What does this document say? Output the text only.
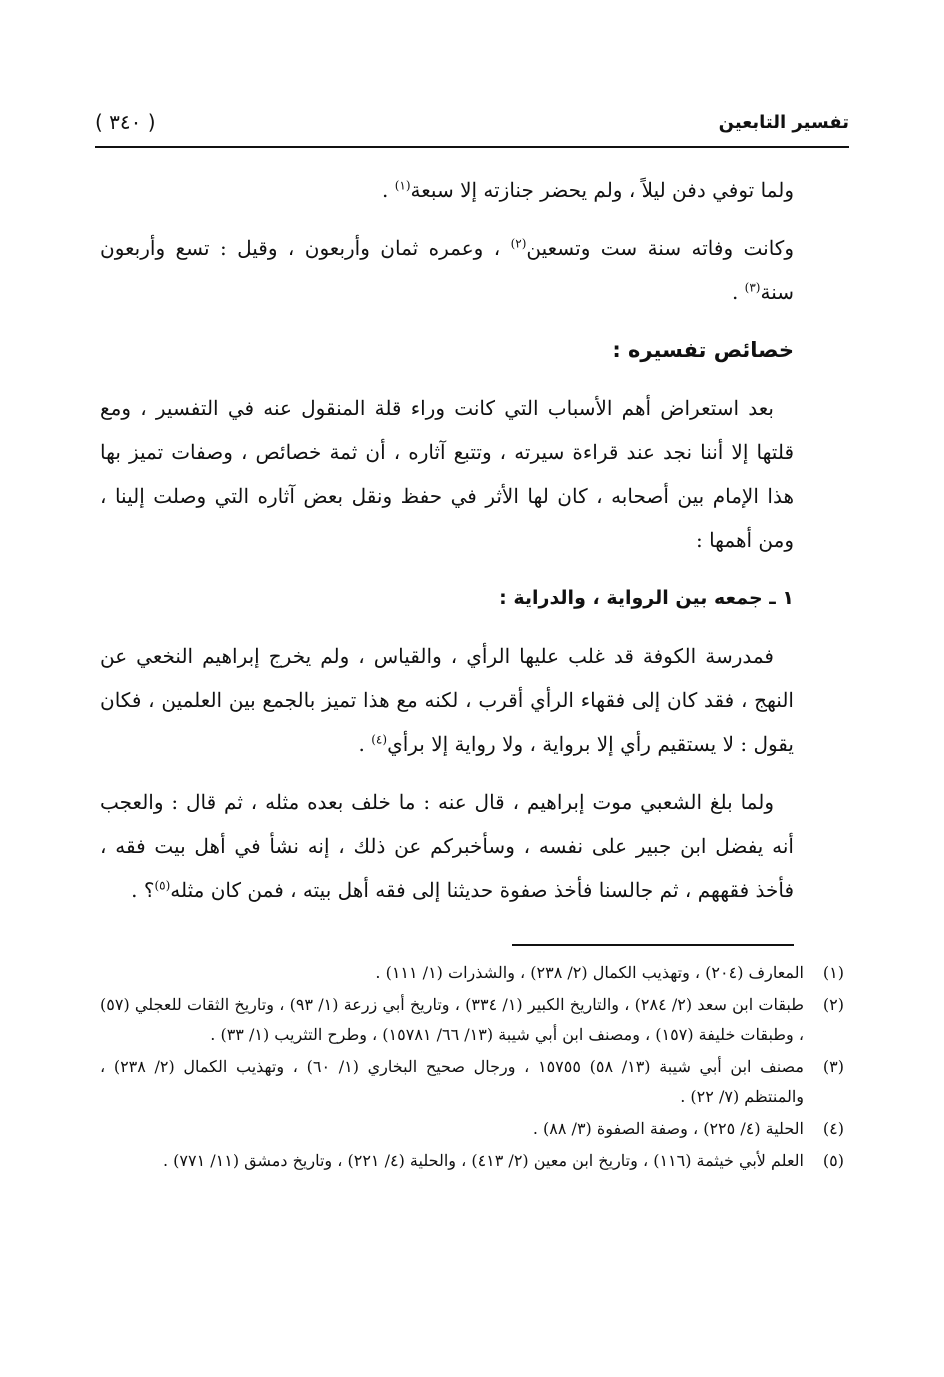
تفسير التابعين
( ٣٤٠ )

ولما توفي دفن ليلاً ، ولم يحضر جنازته إلا سبعة$^{(١)}$ .

وكانت وفاته سنة ست وتسعين$^{(٢)}$ ، وعمره ثمان وأربعون ، وقيل : تسع وأربعون سنة$^{(٣)}$ .

خصائص تفسيره :

بعد استعراض أهم الأسباب التي كانت وراء قلة المنقول عنه في التفسير ، ومع قلتها إلا أننا نجد عند قراءة سيرته ، وتتبع آثاره ، أن ثمة خصائص ، وصفات تميز بها هذا الإمام بين أصحابه ، كان لها الأثر في حفظ ونقل بعض آثاره التي وصلت إلينا ، ومن أهمها :

١ ـ جمعه بين الرواية ، والدراية :

فمدرسة الكوفة قد غلب عليها الرأي ، والقياس ، ولم يخرج إبراهيم النخعي عن النهج ، فقد كان إلى فقهاء الرأي أقرب ، لكنه مع هذا تميز بالجمع بين العلمين ، فكان يقول : لا يستقيم رأي إلا برواية ، ولا رواية إلا برأي$^{(٤)}$ .

ولما بلغ الشعبي موت إبراهيم ، قال عنه : ما خلف بعده مثله ، ثم قال : والعجب أنه يفضل ابن جبير على نفسه ، وسأخبركم عن ذلك ، إنه نشأ في أهل بيت فقه ، فأخذ فقههم ، ثم جالسنا فأخذ صفوة حديثنا إلى فقه أهل بيته ، فمن كان مثله$^{(٥)}$؟ .

(١)
المعارف (٢٠٤) ، وتهذيب الكمال (٢/ ٢٣٨) ، والشذرات (١/ ١١١) .
(٢)
طبقات ابن سعد (٢/ ٢٨٤) ، والتاريخ الكبير (١/ ٣٣٤) ، وتاريخ أبي زرعة (١/ ٩٣) ، وتاريخ الثقات للعجلي (٥٧) ، وطبقات خليفة (١٥٧) ، ومصنف ابن أبي شيبة (١٣/ ٦٦/ ١٥٧٨١) ، وطرح التثريب (١/ ٣٣) .
(٣)
مصنف ابن أبي شيبة (١٣/ ٥٨) ١٥٧٥٥ ، ورجال صحيح البخاري (١/ ٦٠) ، وتهذيب الكمال (٢/ ٢٣٨) ، والمنتظم (٧/ ٢٢) .
(٤)
الحلية (٤/ ٢٢٥) ، وصفة الصفوة (٣/ ٨٨) .
(٥)
العلم لأبي خيثمة (١١٦) ، وتاريخ ابن معين (٢/ ٤١٣) ، والحلية (٤/ ٢٢١) ، وتاريخ دمشق (١١/ ٧٧١) .
